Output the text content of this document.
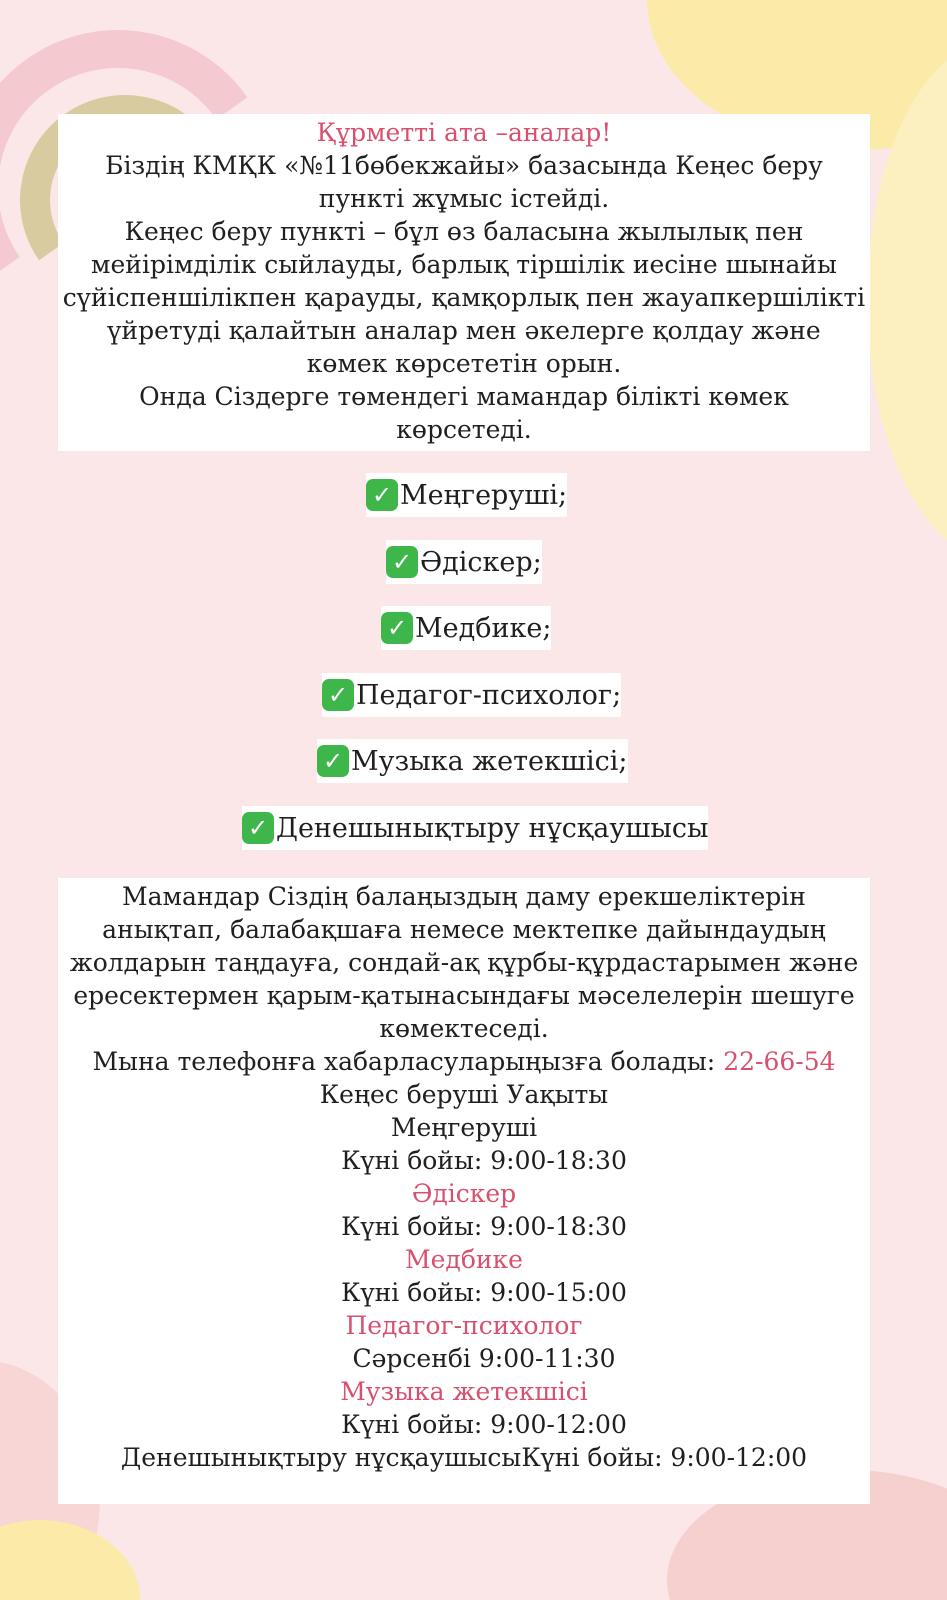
Құрметті ата –аналар!
Біздің КМҚК «№11бөбекжайы» базасында Кеңес беру
пункті жұмыс істейді.
Кеңес беру пункті – бұл өз баласына жылылық пен
мейірімділік сыйлауды, барлық тіршілік иесіне шынайы
сүйіспеншілікпен қарауды, қамқорлық пен жауапкершілікті
үйретуді қалайтын аналар мен әкелерге қолдау және
көмек көрсететін орын.
Онда Сіздерге төмендегі мамандар білікті көмек
көрсетеді.
✓ Меңгеруші;
✓ Әдіскер;
✓ Медбике;
✓ Педагог-психолог;
✓ Музыка жетекшісі;
✓ Денешынықтыру нұсқаушысы
Мамандар Сіздің балаңыздың даму ерекшеліктерін
анықтап, балабақшаға немесе мектепке дайындаудың
жолдарын таңдауға, сондай-ақ құрбы-құрдастарымен және
ересектермен қарым-қатынасындағы мәселелерін шешуге
көмектеседі.
Мына телефонға хабарласуларыңызға болады: 22-66-54
Кеңес беруші Уақыты
Меңгеруші
Күні бойы: 9:00-18:30
Әдіскер
Күні бойы: 9:00-18:30
Медбике
Күні бойы: 9:00-15:00
Педагог-психолог
Сәрсенбі 9:00-11:30
Музыка жетекшісі
Күні бойы: 9:00-12:00
Денешынықтыру нұсқаушысыКүні бойы: 9:00-12:00
